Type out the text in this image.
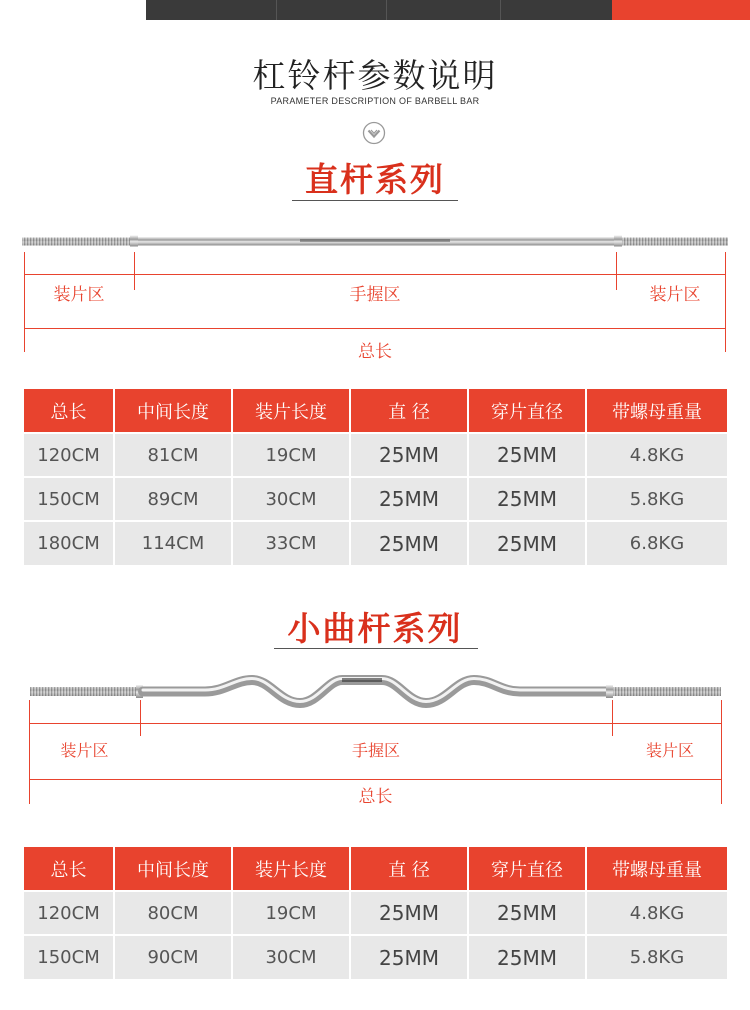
杠铃杆参数说明
PARAMETER DESCRIPTION OF BARBELL BAR
直杆系列
装片区	手握区	装片区
总长
总长	中间长度	装片长度	直 径	穿片直径	带螺母重量
120CM	81CM	19CM	25MM	25MM	4.8KG
150CM	89CM	30CM	25MM	25MM	5.8KG
180CM	114CM	33CM	25MM	25MM	6.8KG
小曲杆系列
装片区	手握区	装片区
总长
总长	中间长度	装片长度	直 径	穿片直径	带螺母重量
120CM	80CM	19CM	25MM	25MM	4.8KG
150CM	90CM	30CM	25MM	25MM	5.8KG
